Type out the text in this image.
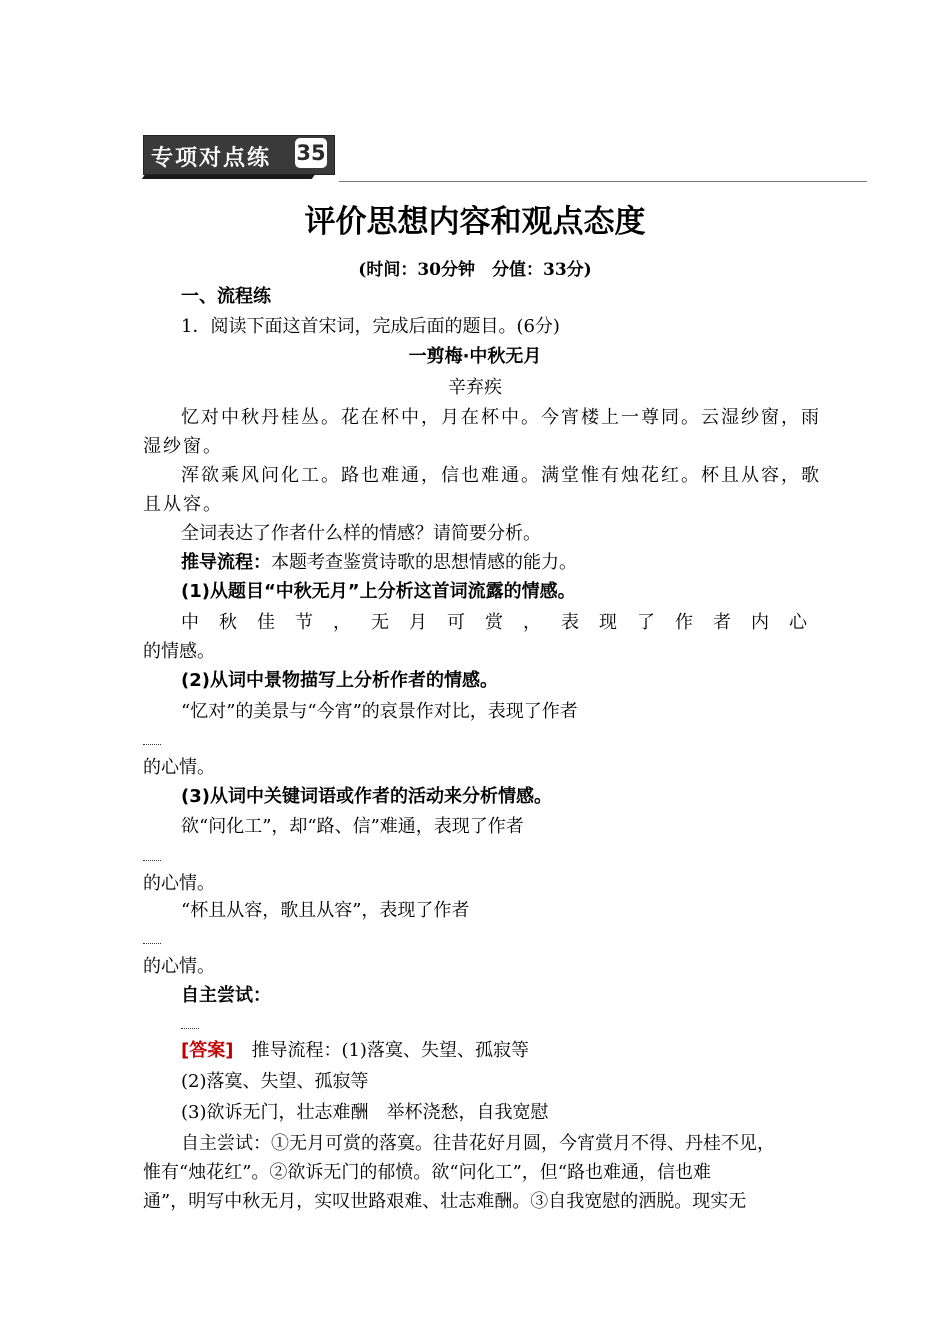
专项对点练 35
评价思想内容和观点态度
(时间：30分钟　分值：33分)
一、流程练
1．阅读下面这首宋词，完成后面的题目。(6分)
一剪梅·中秋无月
辛弃疾
忆对中秋丹桂丛。花在杯中，月在杯中。今宵楼上一尊同。云湿纱窗，雨
湿纱窗。
浑欲乘风问化工。路也难通，信也难通。满堂惟有烛花红。杯且从容，歌
且从容。
全词表达了作者什么样的情感？请简要分析。
推导流程：本题考查鉴赏诗歌的思想情感的能力。
(1)从题目“中秋无月”上分析这首词流露的情感。
中 秋 佳 节 ， 无 月 可 赏 ， 表 现 了 作 者 内 心
的情感。
(2)从词中景物描写上分析作者的情感。
“忆对”的美景与“今宵”的哀景作对比，表现了作者
的心情。
(3)从词中关键词语或作者的活动来分析情感。
欲“问化工”，却“路、信”难通，表现了作者
的心情。
“杯且从容，歌且从容”，表现了作者
的心情。
自主尝试：
[答案]　 推导流程：(1)落寞、失望、孤寂等
(2)落寞、失望、孤寂等
(3)欲诉无门，壮志难酬　举杯浇愁，自我宽慰
自主尝试：①无月可赏的落寞。往昔花好月圆，今宵赏月不得、丹桂不见，
惟有“烛花红”。②欲诉无门的郁愤。欲“问化工”，但“路也难通，信也难
通”，明写中秋无月，实叹世路艰难、壮志难酬。③自我宽慰的洒脱。现实无
